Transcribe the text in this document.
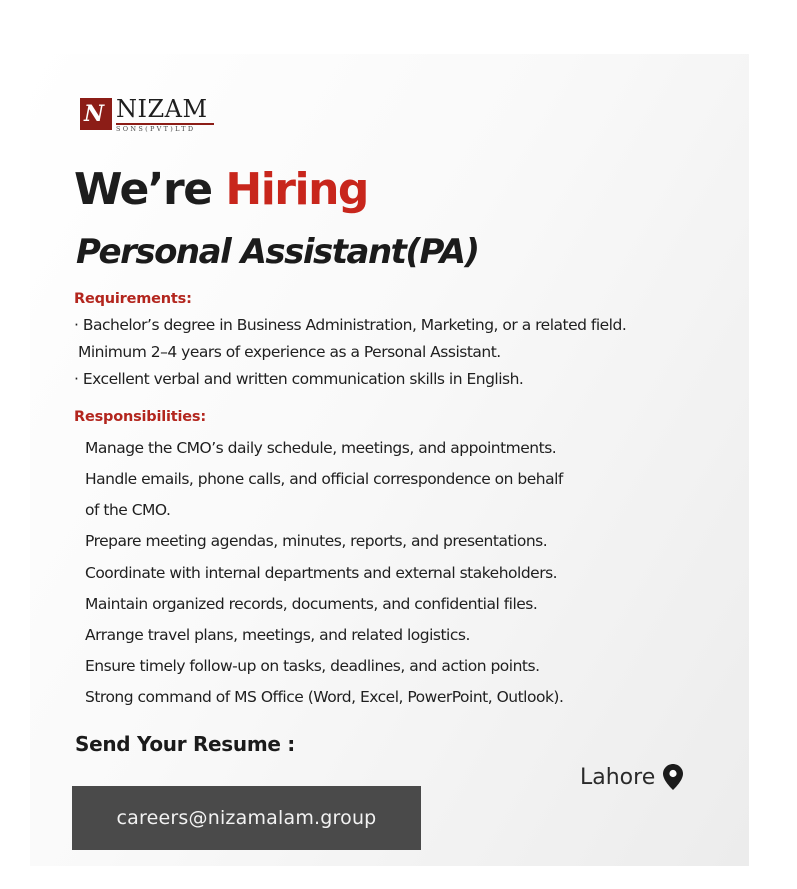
N NIZAM
SONS(PVT)LTD
We’re Hiring
Personal Assistant(PA)
Requirements:
· Bachelor’s degree in Business Administration, Marketing, or a related field.
Minimum 2–4 years of experience as a Personal Assistant.
· Excellent verbal and written communication skills in English.
Responsibilities:
Manage the CMO’s daily schedule, meetings, and appointments.
Handle emails, phone calls, and official correspondence on behalf
of the CMO.
Prepare meeting agendas, minutes, reports, and presentations.
Coordinate with internal departments and external stakeholders.
Maintain organized records, documents, and confidential files.
Arrange travel plans, meetings, and related logistics.
Ensure timely follow-up on tasks, deadlines, and action points.
Strong command of MS Office (Word, Excel, PowerPoint, Outlook).
Send Your Resume :
Lahore
careers@nizamalam.group
